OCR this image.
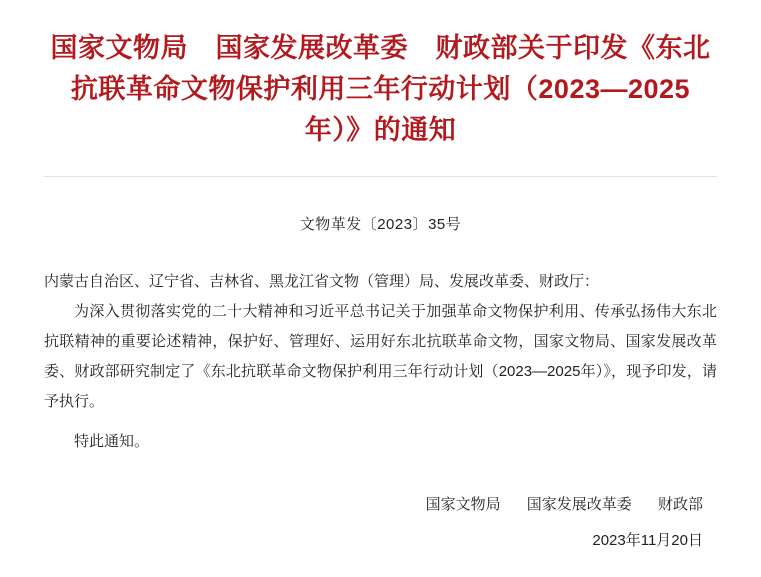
国家文物局　国家发展改革委　财政部关于印发《东北抗联革命文物保护利用三年行动计划（2023—2025年）》的通知
文物革发〔2023〕35号
内蒙古自治区、辽宁省、吉林省、黑龙江省文物（管理）局、发展改革委、财政厅：
为深入贯彻落实党的二十大精神和习近平总书记关于加强革命文物保护利用、传承弘扬伟大东北抗联精神的重要论述精神，保护好、管理好、运用好东北抗联革命文物，国家文物局、国家发展改革委、财政部研究制定了《东北抗联革命文物保护利用三年行动计划（2023—2025年）》，现予印发，请予执行。
特此通知。
国家文物局 国家发展改革委 财政部
2023年11月20日
